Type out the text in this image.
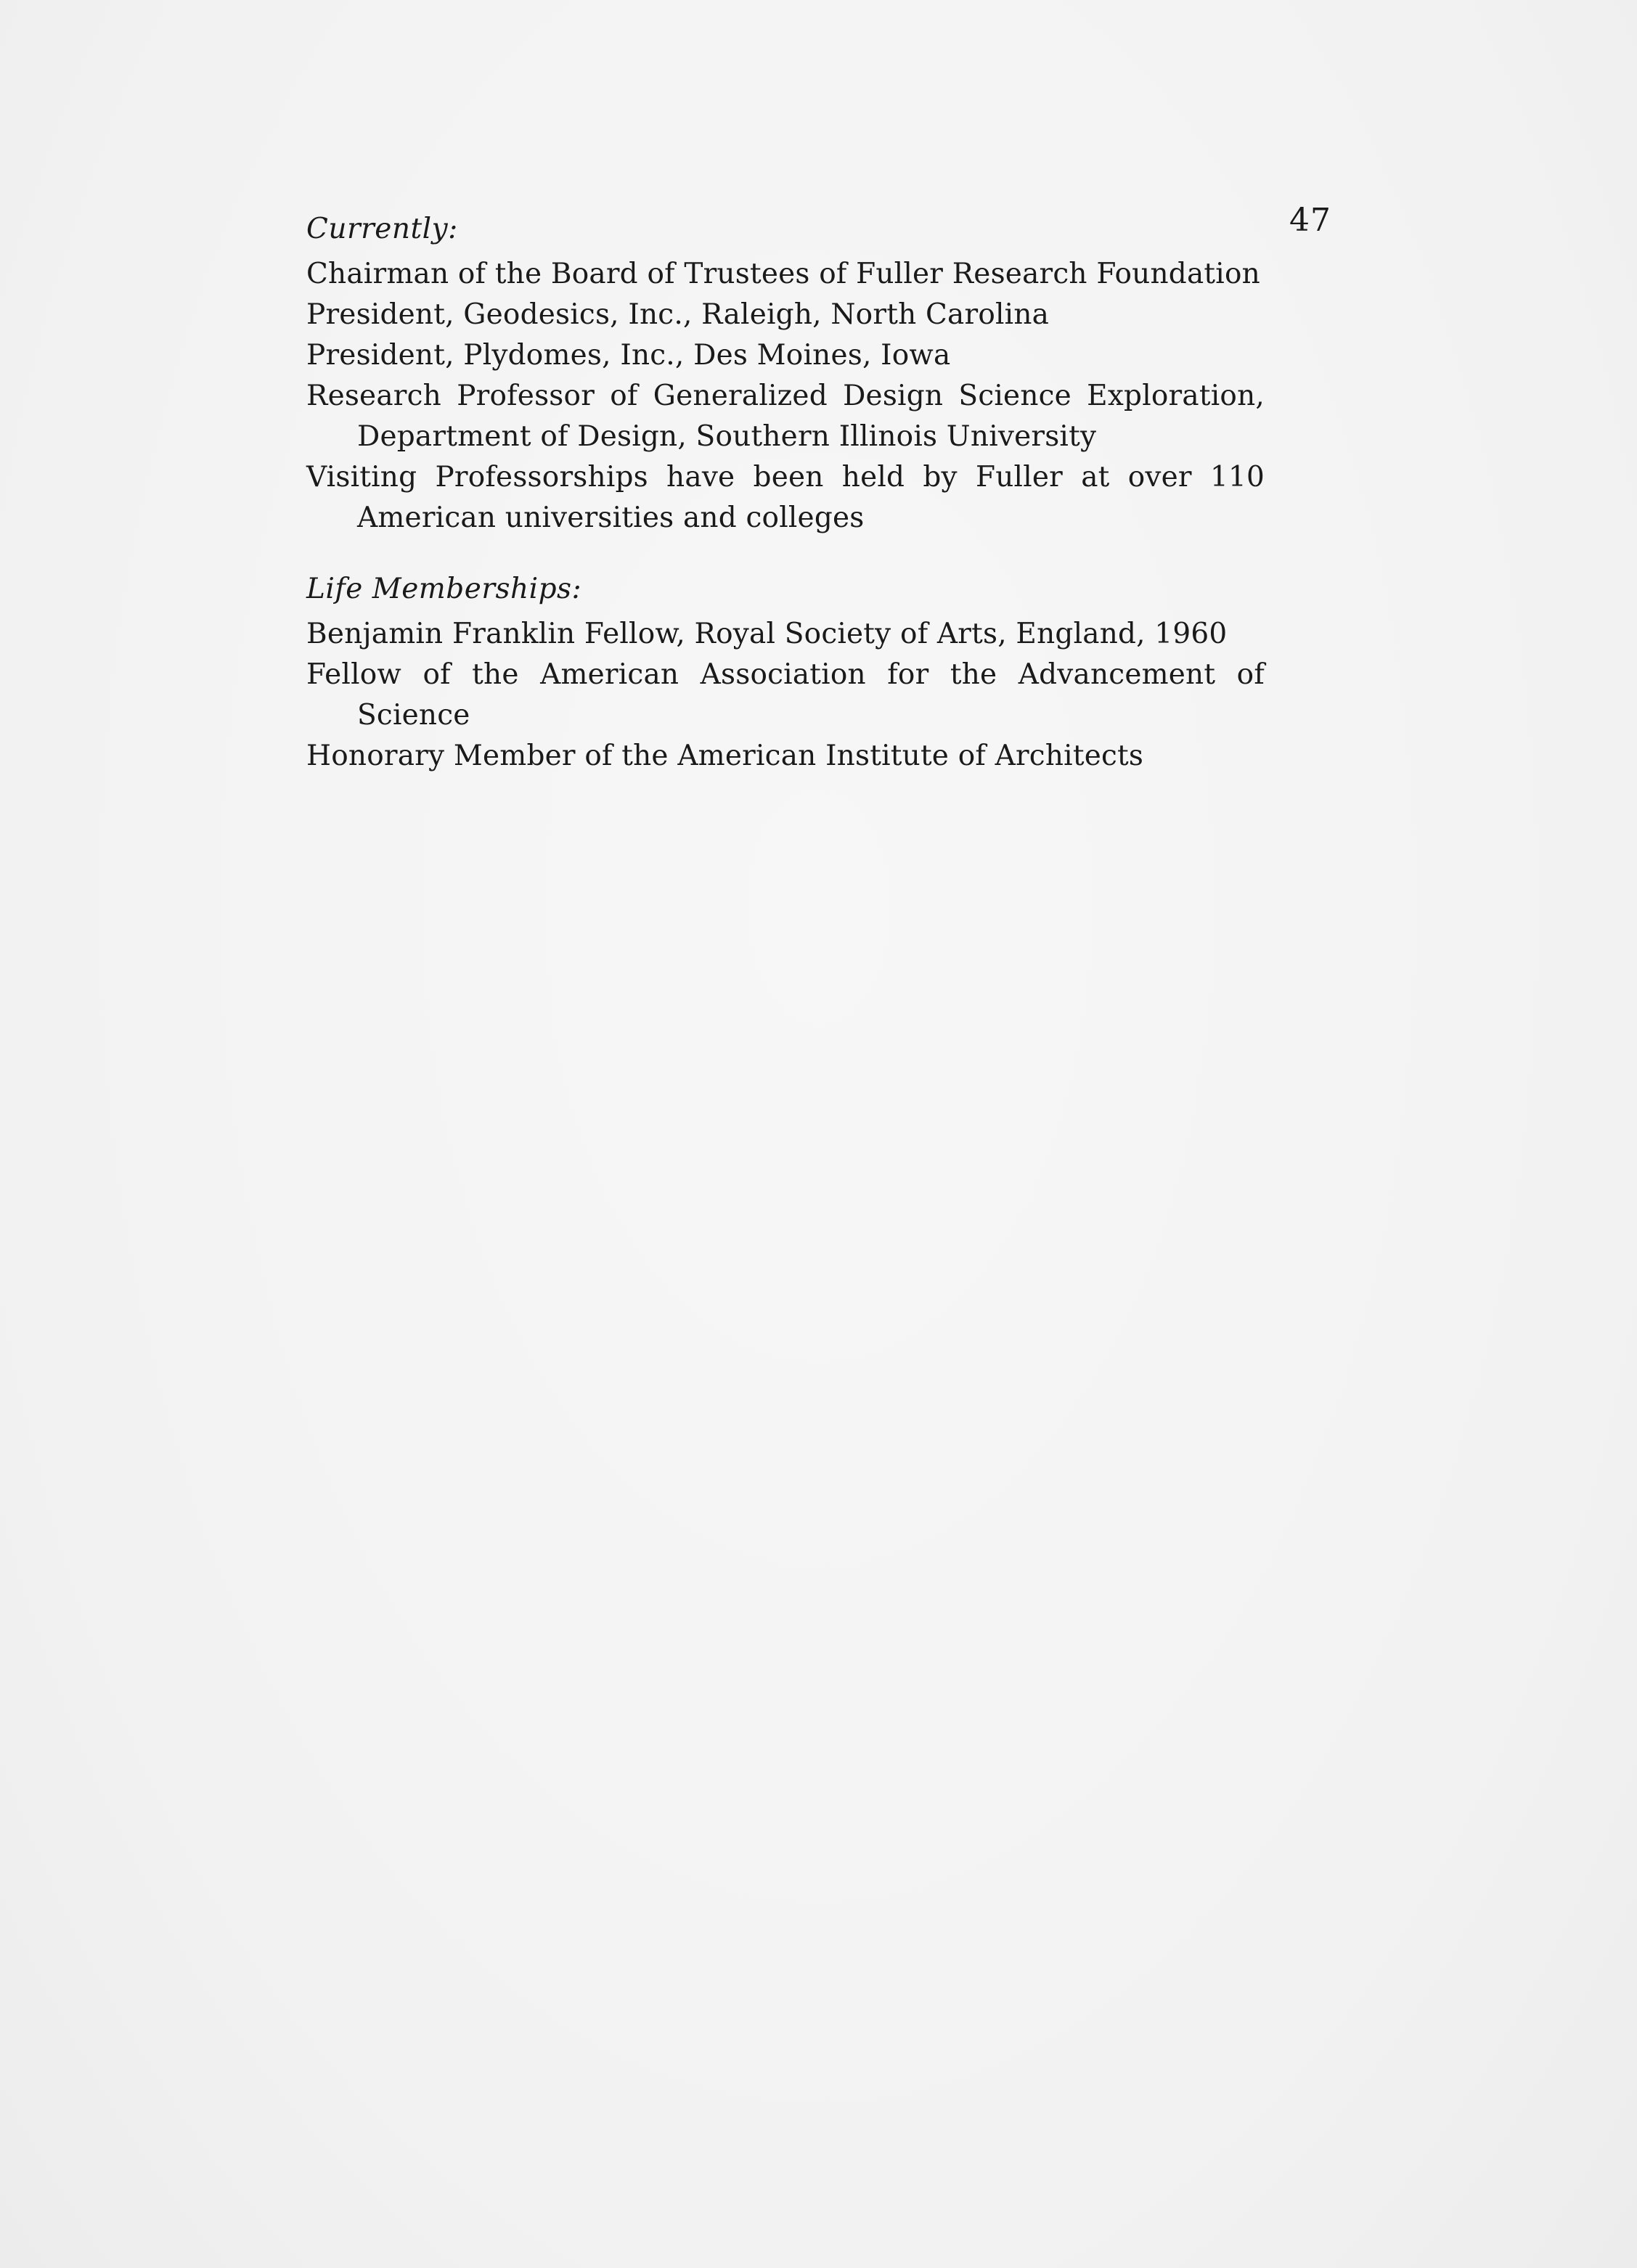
47
Currently:

Chairman of the Board of Trustees of Fuller Research Foundation

President, Geodesics, Inc., Raleigh, North Carolina

President, Plydomes, Inc., Des Moines, Iowa

Research Professor of Generalized Design Science Exploration, Department of Design, Southern Illinois University

Visiting Professorships have been held by Fuller at over 110 American universities and colleges

Life Memberships:

Benjamin Franklin Fellow, Royal Society of Arts, England, 1960

Fellow of the American Association for the Advancement of Science

Honorary Member of the American Institute of Architects
